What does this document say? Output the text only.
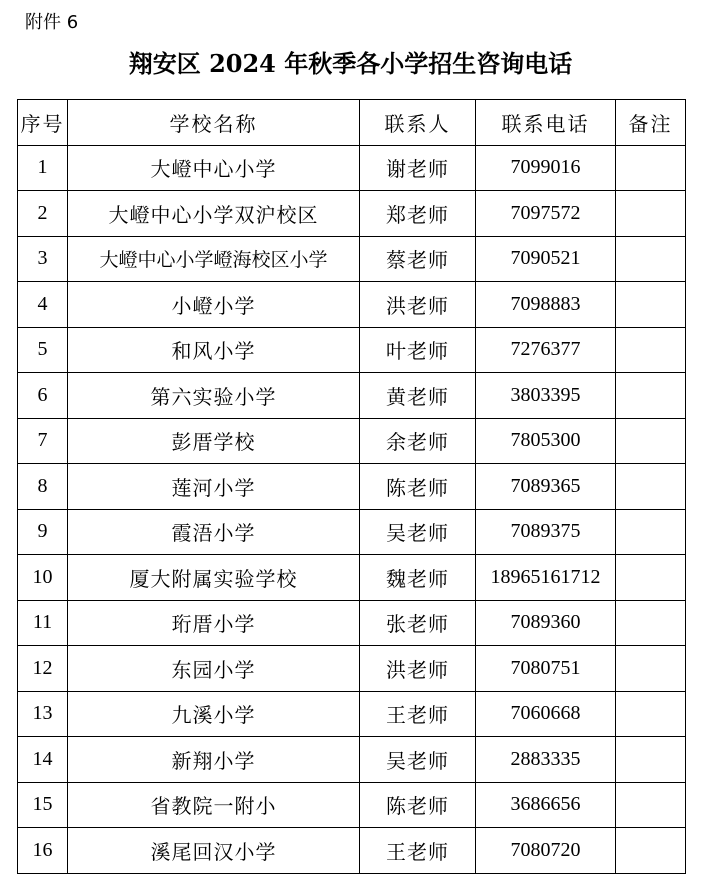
附件 6
翔安区 2024 年秋季各小学招生咨询电话
序号	学校名称	联系人	联系电话	备注
1	大嶝中心小学	谢老师	7099016	
2	大嶝中心小学双沪校区	郑老师	7097572	
3	大嶝中心小学嶝海校区小学	蔡老师	7090521	
4	小嶝小学	洪老师	7098883	
5	和风小学	叶老师	7276377	
6	第六实验小学	黄老师	3803395	
7	彭厝学校	余老师	7805300	
8	莲河小学	陈老师	7089365	
9	霞浯小学	吴老师	7089375	
10	厦大附属实验学校	魏老师	18965161712	
11	珩厝小学	张老师	7089360	
12	东园小学	洪老师	7080751	
13	九溪小学	王老师	7060668	
14	新翔小学	吴老师	2883335	
15	省教院一附小	陈老师	3686656	
16	溪尾回汉小学	王老师	7080720	
